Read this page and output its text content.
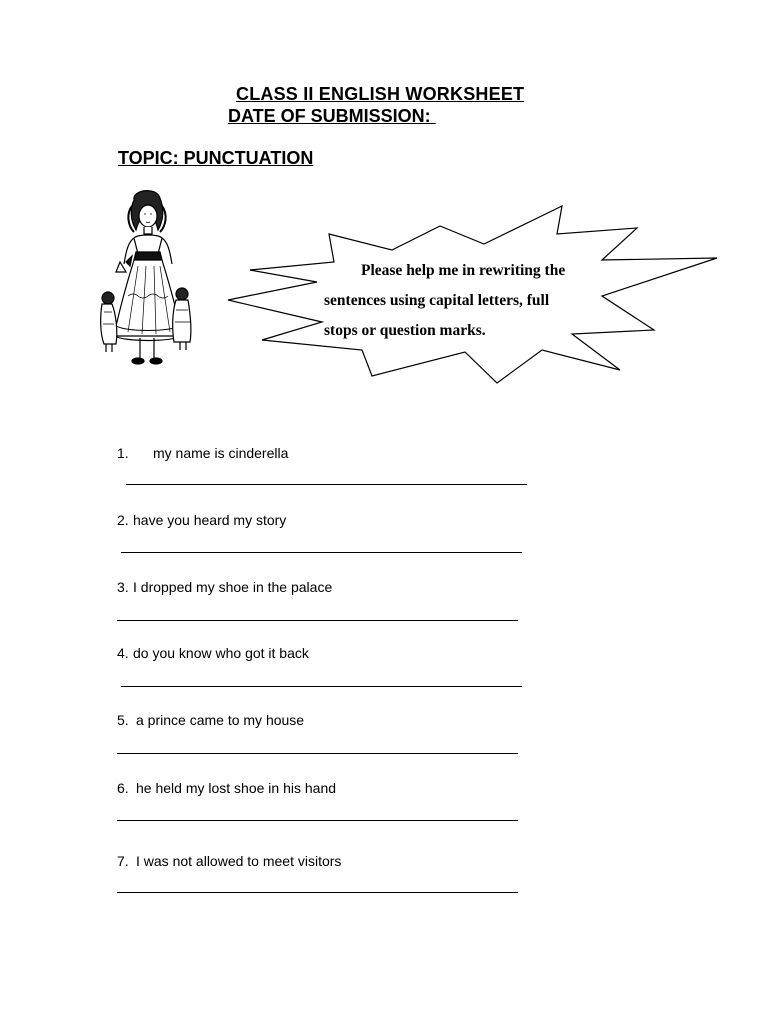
CLASS II ENGLISH WORKSHEET
DATE OF SUBMISSION:
TOPIC: PUNCTUATION
Please help me in rewriting the
sentences using capital letters, full
stops or question marks.
1. my name is cinderella
2. have you heard my story
3. I dropped my shoe in the palace
4. do you know who got it back
5. a prince came to my house
6. he held my lost shoe in his hand
7. I was not allowed to meet visitors
